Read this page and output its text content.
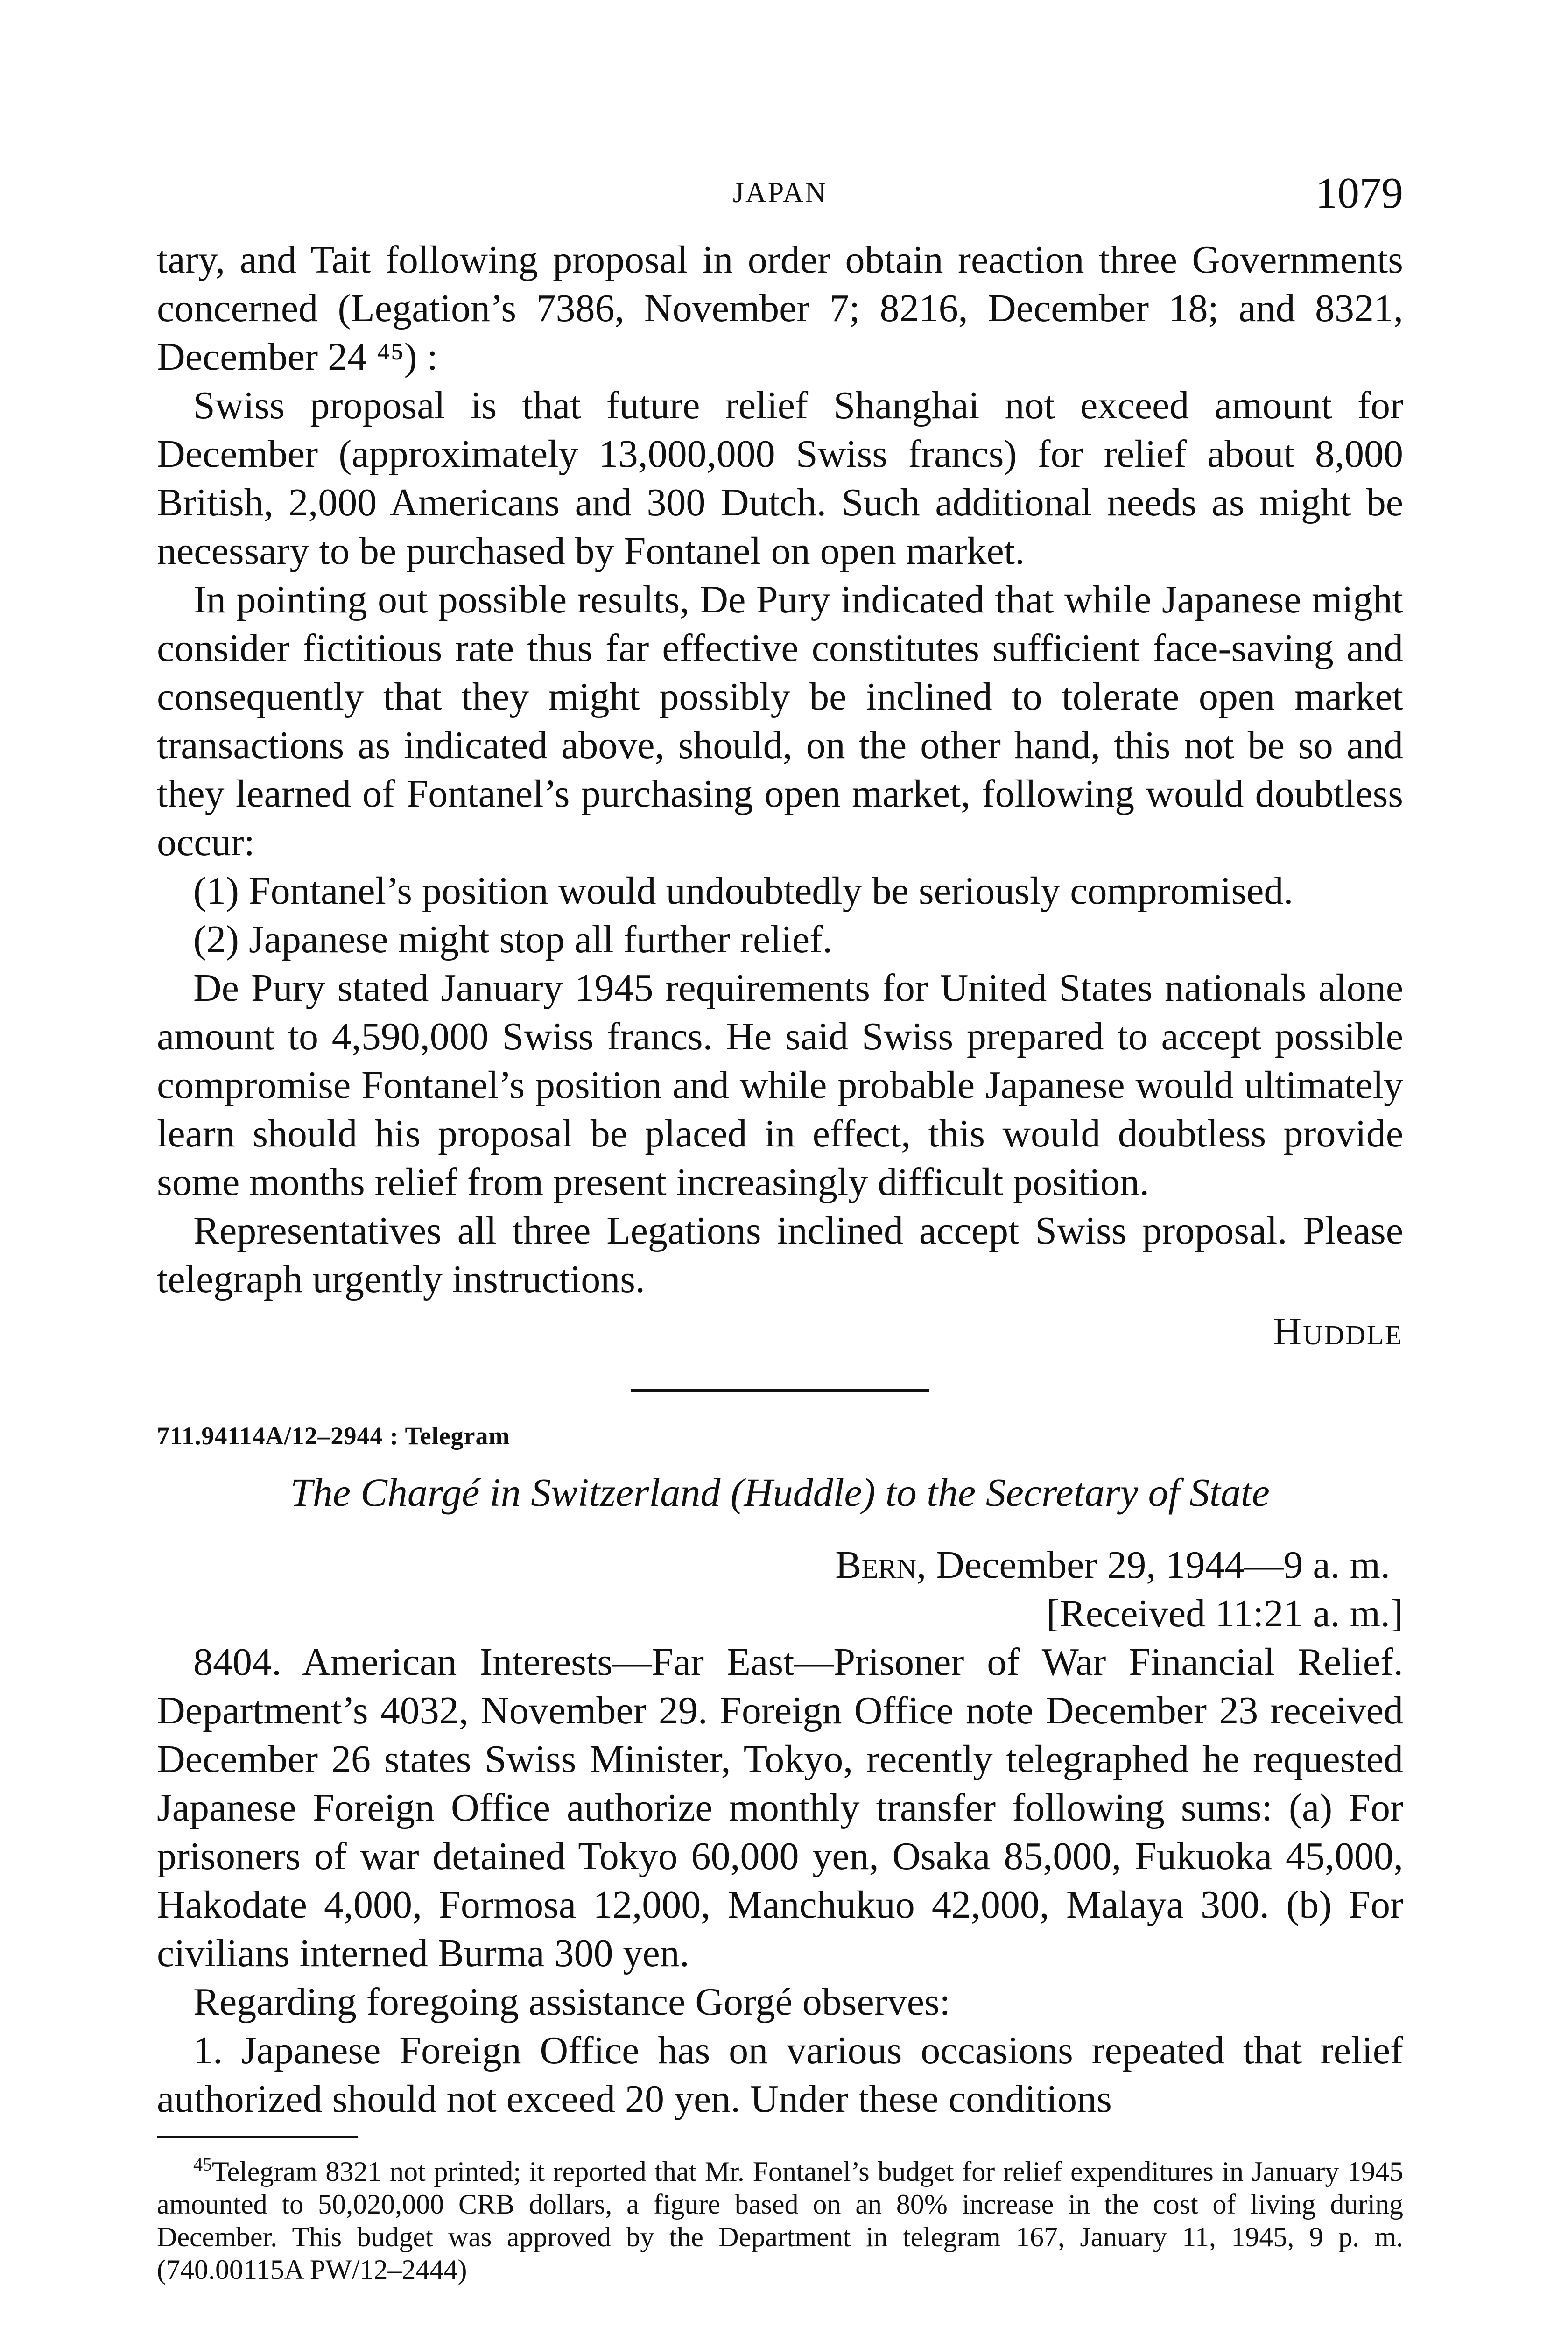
JAPAN	1079

tary, and Tait following proposal in order obtain reaction three Governments concerned (Legation’s 7386, November 7; 8216, December 18; and 8321, December 24 ⁴⁵) :

Swiss proposal is that future relief Shanghai not exceed amount for December (approximately 13,000,000 Swiss francs) for relief about 8,000 British, 2,000 Americans and 300 Dutch. Such additional needs as might be necessary to be purchased by Fontanel on open market.

In pointing out possible results, De Pury indicated that while Japanese might consider fictitious rate thus far effective constitutes sufficient face-saving and consequently that they might possibly be inclined to tolerate open market transactions as indicated above, should, on the other hand, this not be so and they learned of Fontanel’s purchasing open market, following would doubtless occur:

(1) Fontanel’s position would undoubtedly be seriously compromised.

(2) Japanese might stop all further relief.

De Pury stated January 1945 requirements for United States nationals alone amount to 4,590,000 Swiss francs. He said Swiss prepared to accept possible compromise Fontanel’s position and while probable Japanese would ultimately learn should his proposal be placed in effect, this would doubtless provide some months relief from present increasingly difficult position.

Representatives all three Legations inclined accept Swiss proposal. Please telegraph urgently instructions.

Huddle

711.94114A/12–2944 : Telegram

The Chargé in Switzerland (Huddle) to the Secretary of State

Bern, December 29, 1944—9 a. m.

[Received 11:21 a. m.]

8404. American Interests—Far East—Prisoner of War Financial Relief. Department’s 4032, November 29. Foreign Office note December 23 received December 26 states Swiss Minister, Tokyo, recently telegraphed he requested Japanese Foreign Office authorize monthly transfer following sums: (a) For prisoners of war detained Tokyo 60,000 yen, Osaka 85,000, Fukuoka 45,000, Hakodate 4,000, Formosa 12,000, Manchukuo 42,000, Malaya 300. (b) For civilians interned Burma 300 yen.

Regarding foregoing assistance Gorgé observes:

1. Japanese Foreign Office has on various occasions repeated that relief authorized should not exceed 20 yen. Under these conditions

$^{45}$Telegram 8321 not printed; it reported that Mr. Fontanel’s budget for relief expenditures in January 1945 amounted to 50,020,000 CRB dollars, a figure based on an 80% increase in the cost of living during December. This budget was approved by the Department in telegram 167, January 11, 1945, 9 p. m. (740.00115A PW/12–2444)
